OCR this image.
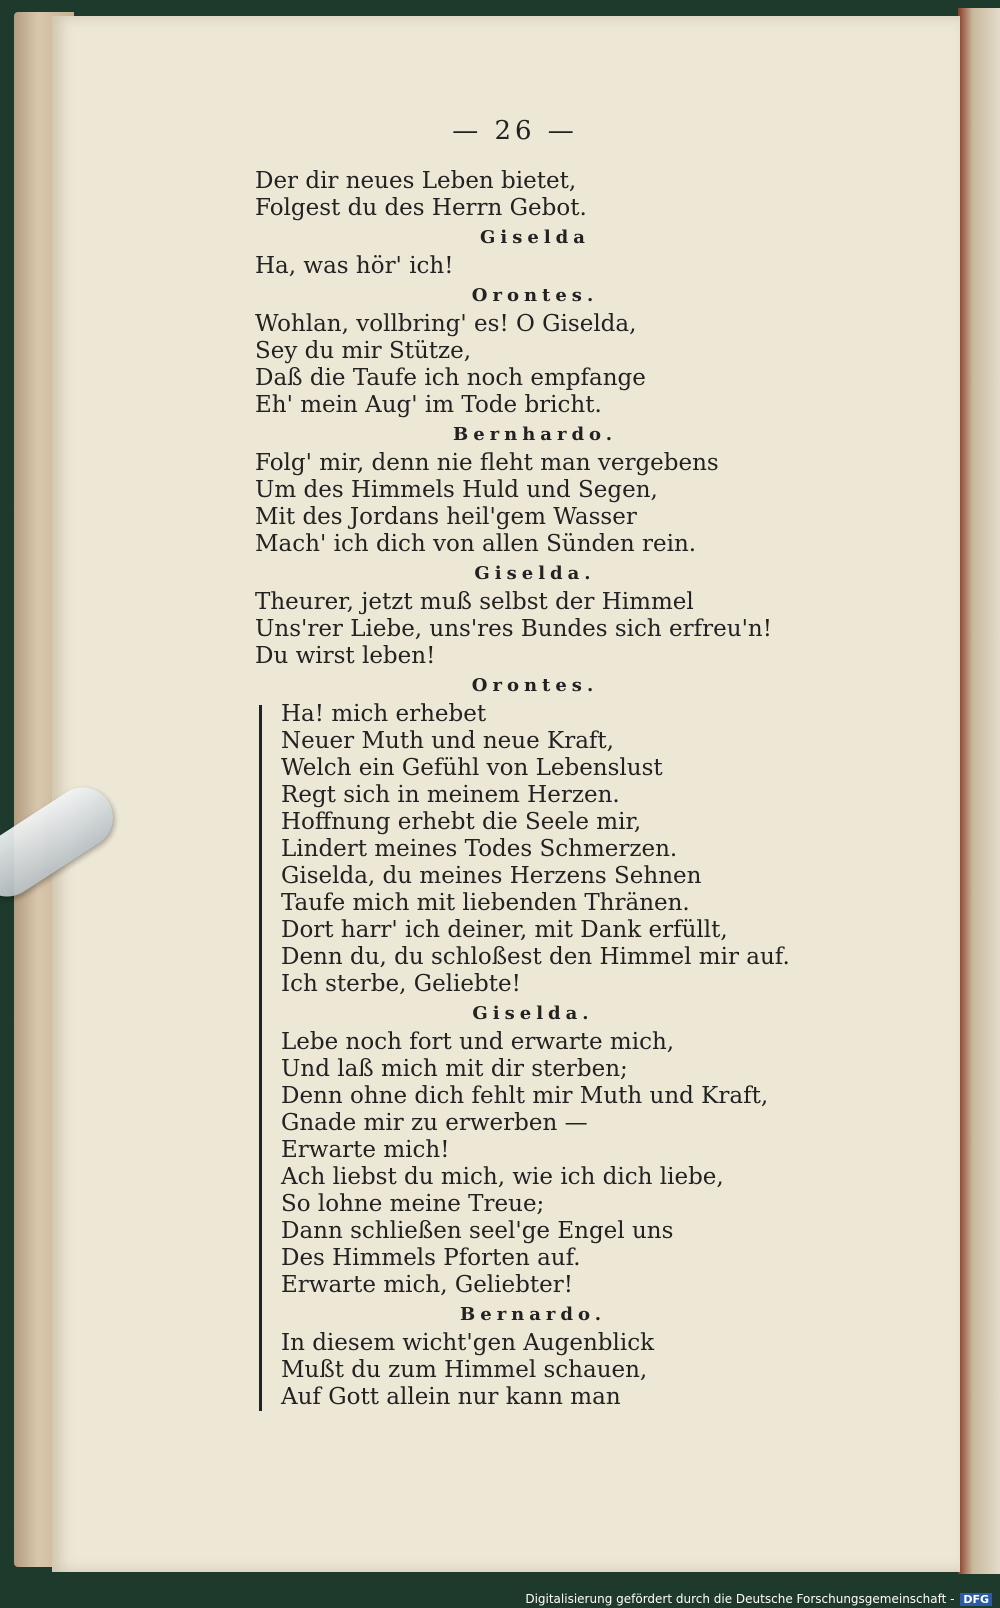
— 26 —
Der dir neues Leben bietet,
Folgest du des Herrn Gebot.
Giselda
Ha, was hör' ich!
Orontes.
Wohlan, vollbring' es! O Giselda,
Sey du mir Stütze,
Daß die Taufe ich noch empfange
Eh' mein Aug' im Tode bricht.
Bernhardo.
Folg' mir, denn nie fleht man vergebens
Um des Himmels Huld und Segen,
Mit des Jordans heil'gem Wasser
Mach' ich dich von allen Sünden rein.
Giselda.
Theurer, jetzt muß selbst der Himmel
Uns'rer Liebe, uns'res Bundes sich erfreu'n!
Du wirst leben!
Orontes.
Ha! mich erhebet
Neuer Muth und neue Kraft,
Welch ein Gefühl von Lebenslust
Regt sich in meinem Herzen.
Hoffnung erhebt die Seele mir,
Lindert meines Todes Schmerzen.
Giselda, du meines Herzens Sehnen
Taufe mich mit liebenden Thränen.
Dort harr' ich deiner, mit Dank erfüllt,
Denn du, du schloßest den Himmel mir auf.
Ich sterbe, Geliebte!
Giselda.
Lebe noch fort und erwarte mich,
Und laß mich mit dir sterben;
Denn ohne dich fehlt mir Muth und Kraft,
Gnade mir zu erwerben —
Erwarte mich!
Ach liebst du mich, wie ich dich liebe,
So lohne meine Treue;
Dann schließen seel'ge Engel uns
Des Himmels Pforten auf.
Erwarte mich, Geliebter!
Bernardo.
In diesem wicht'gen Augenblick
Mußt du zum Himmel schauen,
Auf Gott allein nur kann man
Digitalisierung gefördert durch die Deutsche Forschungsgemeinschaft - DFG
